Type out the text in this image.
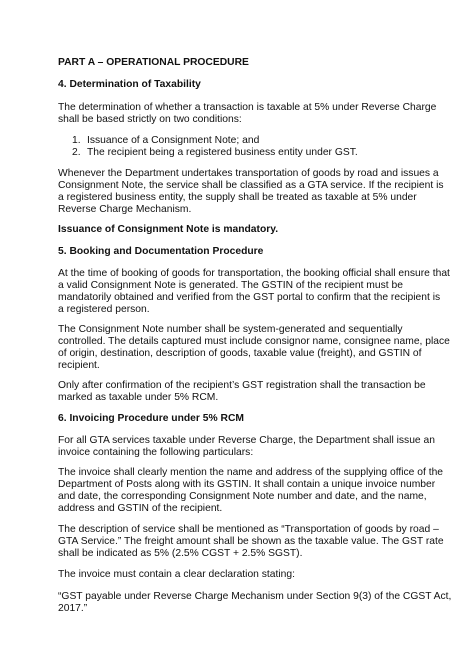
PART A – OPERATIONAL PROCEDURE

4. Determination of Taxability

The determination of whether a transaction is taxable at 5% under Reverse Charge

shall be based strictly on two conditions:

1. Issuance of a Consignment Note; and
2. The recipient being a registered business entity under GST.

Whenever the Department undertakes transportation of goods by road and issues a

Consignment Note, the service shall be classified as a GTA service. If the recipient is

a registered business entity, the supply shall be treated as taxable at 5% under

Reverse Charge Mechanism.

Issuance of Consignment Note is mandatory.

5. Booking and Documentation Procedure

At the time of booking of goods for transportation, the booking official shall ensure that

a valid Consignment Note is generated. The GSTIN of the recipient must be

mandatorily obtained and verified from the GST portal to confirm that the recipient is

a registered person.

The Consignment Note number shall be system-generated and sequentially

controlled. The details captured must include consignor name, consignee name, place

of origin, destination, description of goods, taxable value (freight), and GSTIN of

recipient.

Only after confirmation of the recipient’s GST registration shall the transaction be

marked as taxable under 5% RCM.

6. Invoicing Procedure under 5% RCM

For all GTA services taxable under Reverse Charge, the Department shall issue an

invoice containing the following particulars:

The invoice shall clearly mention the name and address of the supplying office of the

Department of Posts along with its GSTIN. It shall contain a unique invoice number

and date, the corresponding Consignment Note number and date, and the name,

address and GSTIN of the recipient.

The description of service shall be mentioned as “Transportation of goods by road –

GTA Service.” The freight amount shall be shown as the taxable value. The GST rate

shall be indicated as 5% (2.5% CGST + 2.5% SGST).

The invoice must contain a clear declaration stating:

“GST payable under Reverse Charge Mechanism under Section 9(3) of the CGST Act,

2017.”
